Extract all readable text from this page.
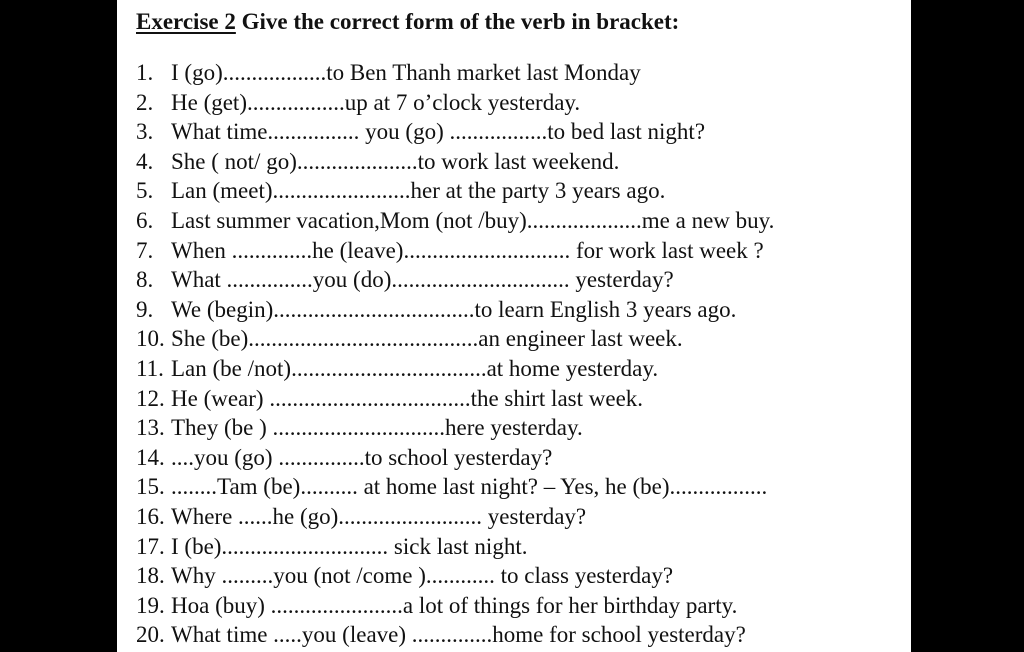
Exercise 2 Give the correct form of the verb in bracket:
1. I (go)..................to Ben Thanh market last Monday
2. He (get).................up at 7 o’clock yesterday.
3. What time................ you (go) .................to bed last night?
4. She ( not/ go).....................to work last weekend.
5. Lan (meet)........................her at the party 3 years ago.
6. Last summer vacation,Mom (not /buy)....................me a new buy.
7. When ..............he (leave)............................. for work last week ?
8. What ...............you (do)............................... yesterday?
9. We (begin)...................................to learn English 3 years ago.
10. She (be)........................................an engineer last week.
11. Lan (be /not)..................................at home yesterday.
12. He (wear) ...................................the shirt last week.
13. They (be ) ..............................here yesterday.
14. ....you (go) ...............to school yesterday?
15. ........Tam (be).......... at home last night? – Yes, he (be).................
16. Where ......he (go)......................... yesterday?
17. I (be)............................. sick last night.
18. Why .........you (not /come )............ to class yesterday?
19. Hoa (buy) .......................a lot of things for her birthday party.
20. What time .....you (leave) ..............home for school yesterday?
